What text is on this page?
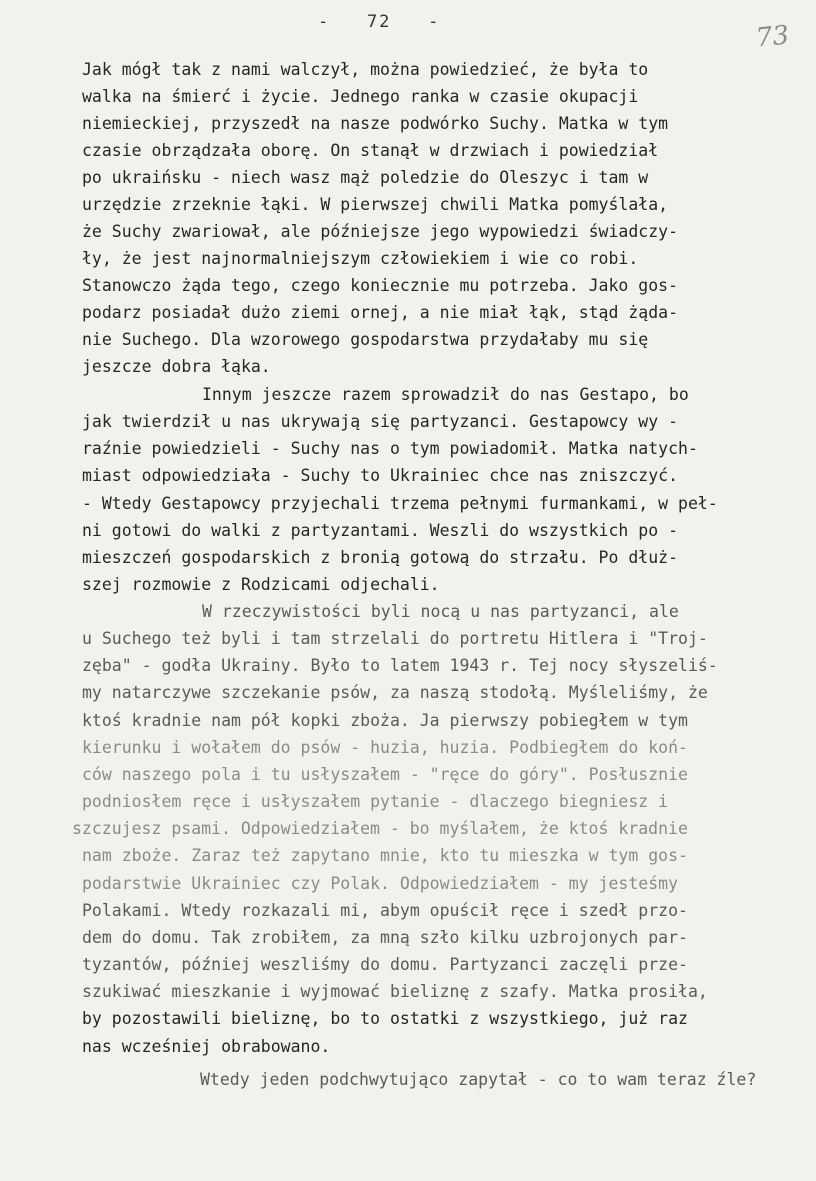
-   72   -	73
Jak mógł tak z nami walczył, można powiedzieć, że była to
walka na śmierć i życie. Jednego ranka w czasie okupacji
niemieckiej, przyszedł na nasze podwórko Suchy. Matka w tym
czasie obrządzała oborę. On stanął w drzwiach i powiedział
po ukraińsku - niech wasz mąż poledzie do Oleszyc i tam w
urzędzie zrzeknie łąki. W pierwszej chwili Matka pomyślała,
że Suchy zwariował, ale późniejsze jego wypowiedzi świadczy-
ły, że jest najnormalniejszym człowiekiem i wie co robi.
Stanowczo żąda tego, czego koniecznie mu potrzeba. Jako gos-
podarz posiadał dużo ziemi ornej, a nie miał łąk, stąd żąda-
nie Suchego. Dla wzorowego gospodarstwa przydałaby mu się
jeszcze dobra łąka.
Innym jeszcze razem sprowadził do nas Gestapo, bo
jak twierdził u nas ukrywają się partyzanci. Gestapowcy wy -
raźnie powiedzieli - Suchy nas o tym powiadomił. Matka natych-
miast odpowiedziała - Suchy to Ukrainiec chce nas zniszczyć.
- Wtedy Gestapowcy przyjechali trzema pełnymi furmankami, w peł-
ni gotowi do walki z partyzantami. Weszli do wszystkich po -
mieszczeń gospodarskich z bronią gotową do strzału. Po dłuż-
szej rozmowie z Rodzicami odjechali.
W rzeczywistości byli nocą u nas partyzanci, ale
u Suchego też byli i tam strzelali do portretu Hitlera i "Troj-
zęba" - godła Ukrainy. Było to latem 1943 r. Tej nocy słyszeliś-
my natarczywe szczekanie psów, za naszą stodołą. Myśleliśmy, że
ktoś kradnie nam pół kopki zboża. Ja pierwszy pobiegłem w tym
kierunku i wołałem do psów - huzia, huzia. Podbiegłem do koń-
ców naszego pola i tu usłyszałem - "ręce do góry". Posłusznie
podniosłem ręce i usłyszałem pytanie - dlaczego biegniesz i
szczujesz psami. Odpowiedziałem - bo myślałem, że ktoś kradnie
nam zboże. Zaraz też zapytano mnie, kto tu mieszka w tym gos-
podarstwie Ukrainiec czy Polak. Odpowiedziałem - my jesteśmy
Polakami. Wtedy rozkazali mi, abym opuścił ręce i szedł przo-
dem do domu. Tak zrobiłem, za mną szło kilku uzbrojonych par-
tyzantów, później weszliśmy do domu. Partyzanci zaczęli prze-
szukiwać mieszkanie i wyjmować bieliznę z szafy. Matka prosiła,
by pozostawili bieliznę, bo to ostatki z wszystkiego, już raz
nas wcześniej obrabowano.
Wtedy jeden podchwytująco zapytał - co to wam teraz źle?
